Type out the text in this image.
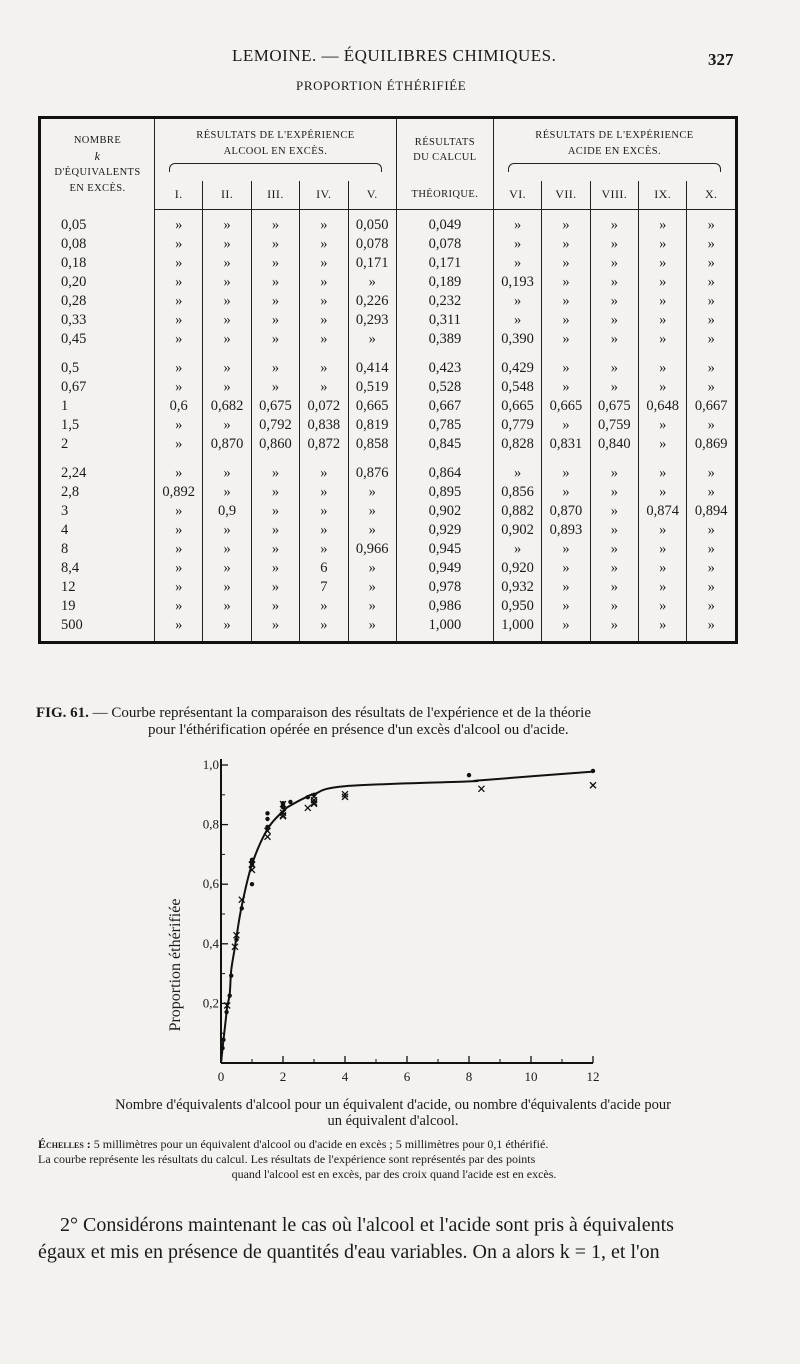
LEMOINE. — ÉQUILIBRES CHIMIQUES.	327
PROPORTION ÉTHÉRIFIÉE
NOMBRE
k
D'ÉQUIVALENTS
EN EXCÈS.	RÉSULTATS DE L'EXPÉRIENCE
ALCOOL EN EXCÈS.					RÉSULTATS
DU CALCUL	RÉSULTATS DE L'EXPÉRIENCE
ACIDE EN EXCÈS.				

	I.	II.	III.	IV.	V.	THÉORIQUE.	VI.	VII.	VIII.	IX.	X.
0,05	»	»	»	»	0,050	0,049	»	»	»	»	»
0,08	»	»	»	»	0,078	0,078	»	»	»	»	»
0,18	»	»	»	»	0,171	0,171	»	»	»	»	»
0,20	»	»	»	»	»	0,189	0,193	»	»	»	»
0,28	»	»	»	»	0,226	0,232	»	»	»	»	»
0,33	»	»	»	»	0,293	0,311	»	»	»	»	»
0,45	»	»	»	»	»	0,389	0,390	»	»	»	»

0,5	»	»	»	»	0,414	0,423	0,429	»	»	»	»
0,67	»	»	»	»	0,519	0,528	0,548	»	»	»	»
1	0,6	0,682	0,675	0,072	0,665	0,667	0,665	0,665	0,675	0,648	0,667
1,5	»	»	0,792	0,838	0,819	0,785	0,779	»	0,759	»	»
2	»	0,870	0,860	0,872	0,858	0,845	0,828	0,831	0,840	»	0,869

2,24	»	»	»	»	0,876	0,864	»	»	»	»	»
2,8	0,892	»	»	»	»	0,895	0,856	»	»	»	»
3	»	0,9	»	»	»	0,902	0,882	0,870	»	0,874	0,894
4	»	»	»	»	»	0,929	0,902	0,893	»	»	»
8	»	»	»	»	0,966	0,945	»	»	»	»	»
8,4	»	»	»	6	»	0,949	0,920	»	»	»	»
12	»	»	»	7	»	0,978	0,932	»	»	»	»
19	»	»	»	»	»	0,986	0,950	»	»	»	»
500	»	»	»	»	»	1,000	1,000	»	»	»	»
FIG. 61. — Courbe représentant la comparaison des résultats de l'expérience et de la théorie
pour l'éthérification opérée en présence d'un excès d'alcool ou d'acide.
0	2	4	6	8	10	12
0,2
0,4
0,6
0,8
1,0
Proportion éthérifiée
Nombre d'équivalents d'alcool pour un équivalent d'acide, ou nombre d'équivalents d'acide pour
un équivalent d'alcool.
Échelles : 5 millimètres pour un équivalent d'alcool ou d'acide en excès ; 5 millimètres pour 0,1 éthérifié.
La courbe représente les résultats du calcul. Les résultats de l'expérience sont représentés par des points
quand l'alcool est en excès, par des croix quand l'acide est en excès.
2° Considérons maintenant le cas où l'alcool et l'acide sont pris à équivalents
égaux et mis en présence de quantités d'eau variables. On a alors k = 1, et l'on
